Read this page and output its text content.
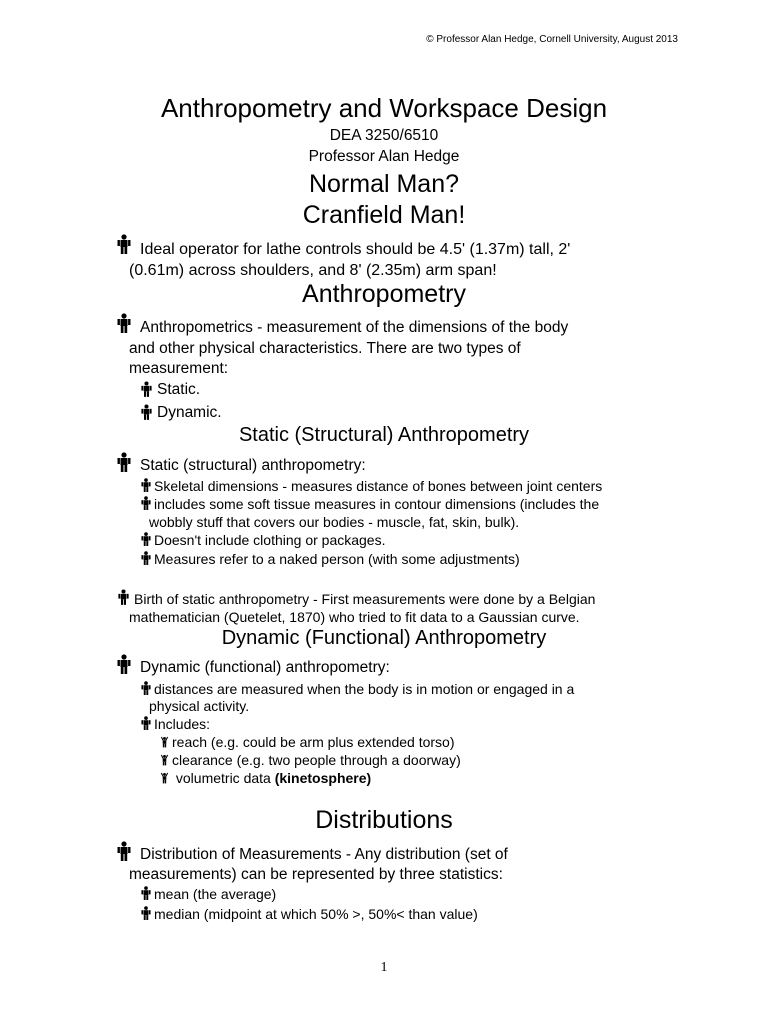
© Professor Alan Hedge, Cornell University, August 2013
Anthropometry and Workspace Design
DEA 3250/6510
Professor Alan Hedge
Normal Man?
Cranfield Man!
Ideal operator for lathe controls should be 4.5' (1.37m) tall, 2'
(0.61m) across shoulders, and 8' (2.35m) arm span!
Anthropometry
Anthropometrics - measurement of the dimensions of the body
and other physical characteristics. There are two types of
measurement:
Static.
Dynamic.
Static (Structural) Anthropometry
Static (structural) anthropometry:
Skeletal dimensions - measures distance of bones between joint centers
includes some soft tissue measures in contour dimensions (includes the
wobbly stuff that covers our bodies - muscle, fat, skin, bulk).
Doesn't include clothing or packages.
Measures refer to a naked person (with some adjustments)
Birth of static anthropometry - First measurements were done by a Belgian
mathematician (Quetelet, 1870) who tried to fit data to a Gaussian curve.
Dynamic (Functional) Anthropometry
Dynamic (functional) anthropometry:
distances are measured when the body is in motion or engaged in a
physical activity.
Includes:
reach (e.g. could be arm plus extended torso)
clearance (e.g. two people through a doorway)
volumetric data (kinetosphere)
Distributions
Distribution of Measurements - Any distribution (set of
measurements) can be represented by three statistics:
mean (the average)
median (midpoint at which 50% >, 50%< than value)
1
